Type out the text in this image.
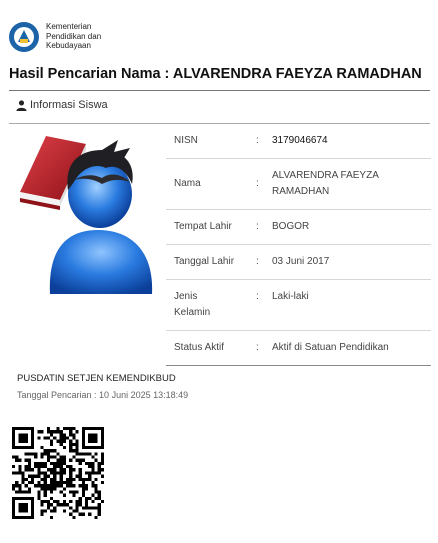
Kementerian
Pendidikan dan
Kebudayaan
Hasil Pencarian Nama : ALVARENDRA FAEYZA RAMADHAN
Informasi Siswa
NISN	:	3179046674
Nama	:
ALVARENDRA FAEYZA RAMADHAN
Tempat Lahir	:	BOGOR
Tanggal Lahir	:	03 Juni 2017
Jenis Kelamin
:	Laki-laki
Status Aktif	:	Aktif di Satuan Pendidikan
PUSDATIN SETJEN KEMENDIKBUD
Tanggal Pencarian : 10 Juni 2025 13:18:49
